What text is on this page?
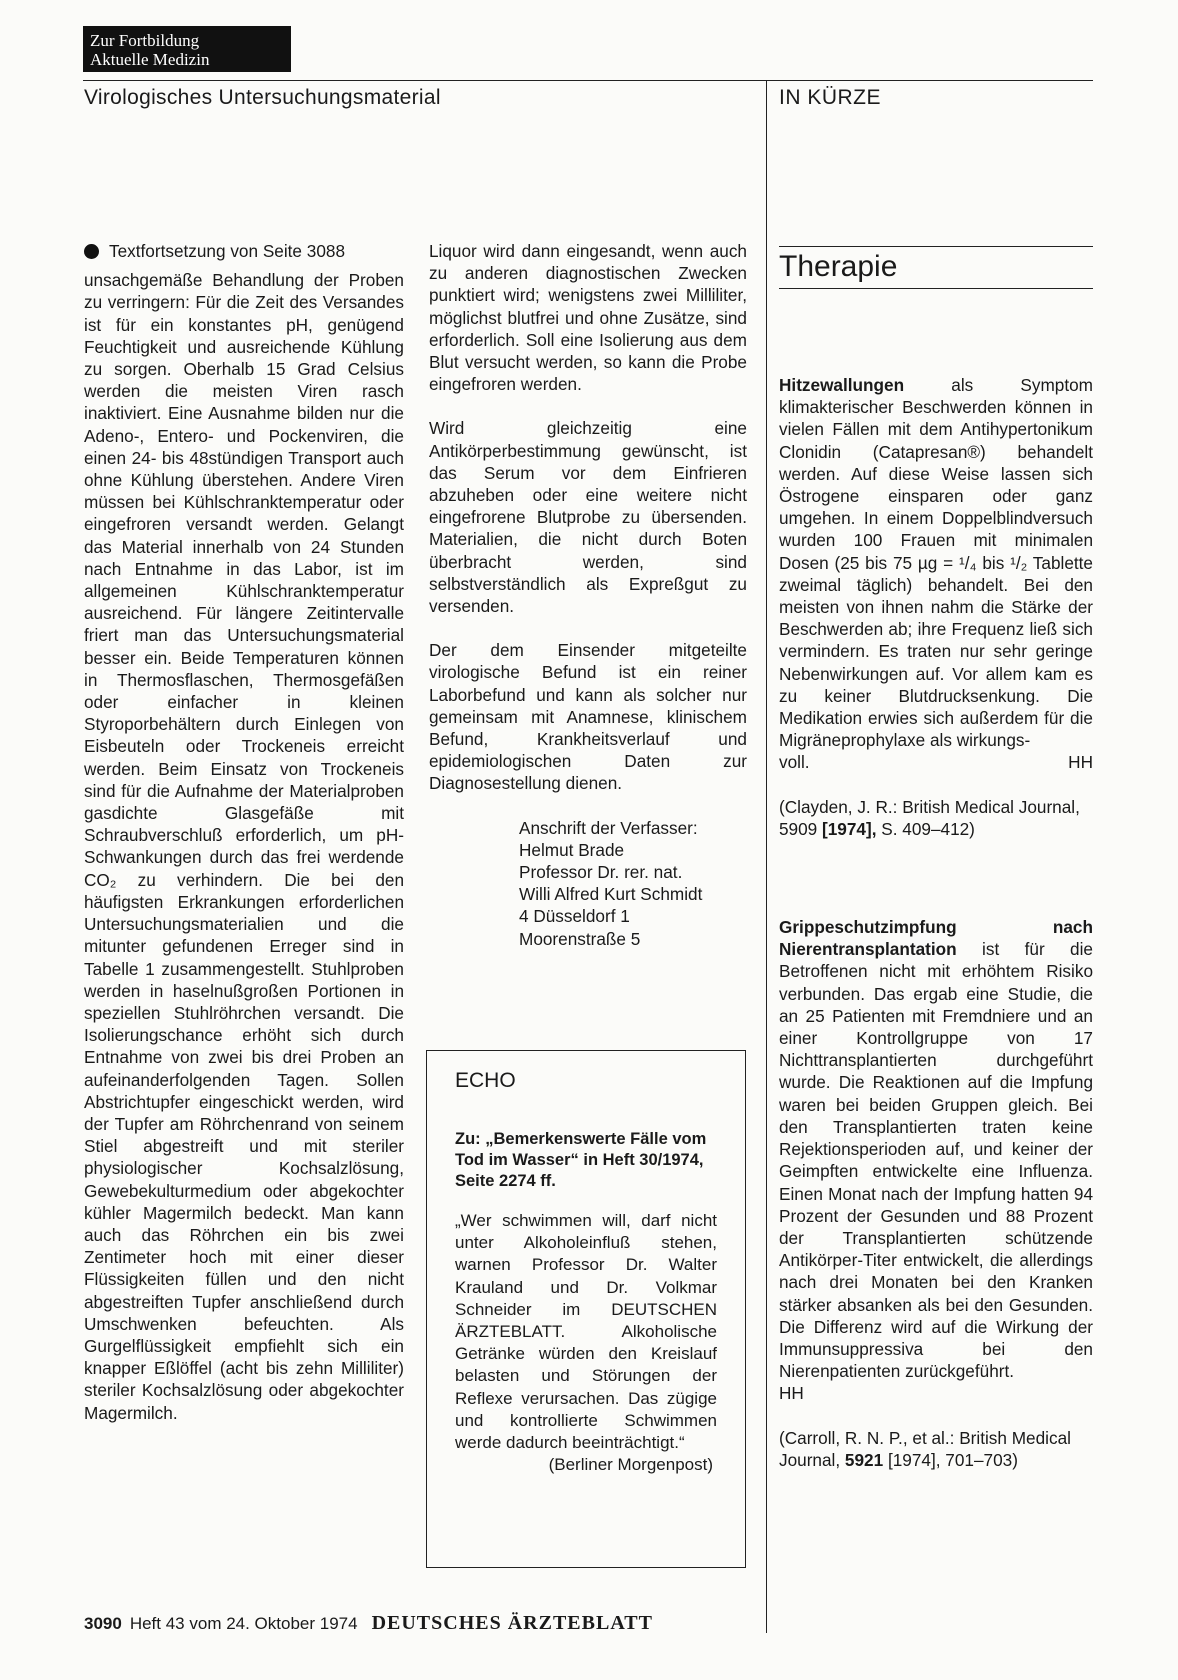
Zur Fortbildung
Aktuelle Medizin
Virologisches Untersuchungsmaterial	IN KÜRZE

Textfortsetzung von Seite 3088

unsachgemäße Behandlung der Proben zu verringern: Für die Zeit des Versandes ist für ein konstantes pH, genügend Feuchtigkeit und ausreichende Kühlung zu sorgen. Oberhalb 15 Grad Celsius werden die meisten Viren rasch inaktiviert. Eine Ausnahme bilden nur die Adeno-, Entero- und Pockenviren, die einen 24- bis 48stündigen Transport auch ohne Kühlung überstehen. Andere Viren müssen bei Kühlschranktemperatur oder eingefroren versandt werden. Gelangt das Material innerhalb von 24 Stunden nach Entnahme in das Labor, ist im allgemeinen Kühlschranktemperatur ausreichend. Für längere Zeitintervalle friert man das Untersuchungsmaterial besser ein. Beide Temperaturen können in Thermosflaschen, Thermosgefäßen oder einfacher in kleinen Styroporbehältern durch Einlegen von Eisbeuteln oder Trockeneis erreicht werden. Beim Einsatz von Trockeneis sind für die Aufnahme der Materialproben gasdichte Glasgefäße mit Schraubverschluß erforderlich, um pH-Schwankungen durch das frei werdende CO₂ zu verhindern. Die bei den häufigsten Erkrankungen erforderlichen Untersuchungsmaterialien und die mitunter gefundenen Erreger sind in Tabelle 1 zusammengestellt. Stuhlproben werden in haselnußgroßen Portionen in speziellen Stuhlröhrchen versandt. Die Isolierungschance erhöht sich durch Entnahme von zwei bis drei Proben an aufeinanderfolgenden Tagen. Sollen Abstrichtupfer eingeschickt werden, wird der Tupfer am Röhrchenrand von seinem Stiel abgestreift und mit steriler physiologischer Kochsalzlösung, Gewebekulturmedium oder abgekochter kühler Magermilch bedeckt. Man kann auch das Röhrchen ein bis zwei Zentimeter hoch mit einer dieser Flüssigkeiten füllen und den nicht abgestreiften Tupfer anschließend durch Umschwenken befeuchten. Als Gurgelflüssigkeit empfiehlt sich ein knapper Eßlöffel (acht bis zehn Milliliter) steriler Kochsalzlösung oder abgekochter Magermilch.

Liquor wird dann eingesandt, wenn auch zu anderen diagnostischen Zwecken punktiert wird; wenigstens zwei Milliliter, möglichst blutfrei und ohne Zusätze, sind erforderlich. Soll eine Isolierung aus dem Blut versucht werden, so kann die Probe eingefroren werden.

Wird gleichzeitig eine Antikörperbestimmung gewünscht, ist das Serum vor dem Einfrieren abzuheben oder eine weitere nicht eingefrorene Blutprobe zu übersenden. Materialien, die nicht durch Boten überbracht werden, sind selbstverständlich als Expreßgut zu versenden.

Der dem Einsender mitgeteilte virologische Befund ist ein reiner Laborbefund und kann als solcher nur gemeinsam mit Anamnese, klinischem Befund, Krankheitsverlauf und epidemiologischen Daten zur Diagnosestellung dienen.

Anschrift der Verfasser:
Helmut Brade
Professor Dr. rer. nat.
Willi Alfred Kurt Schmidt
4 Düsseldorf 1
Moorenstraße 5

ECHO

Zu: „Bemerkenswerte Fälle vom Tod im Wasser“ in Heft 30/1974, Seite 2274 ff.

„Wer schwimmen will, darf nicht unter Alkoholeinfluß stehen, warnen Professor Dr. Walter Krauland und Dr. Volkmar Schneider im DEUTSCHEN ÄRZTEBLATT. Alkoholische Getränke würden den Kreislauf belasten und Störungen der Reflexe verursachen. Das zügige und kontrollierte Schwimmen werde dadurch beeinträchtigt.“

(Berliner Morgenpost)

Therapie

Hitzewallungen als Symptom klimakterischer Beschwerden können in vielen Fällen mit dem Antihypertonikum Clonidin (Catapresan®) behandelt werden. Auf diese Weise lassen sich Östrogene einsparen oder ganz umgehen. In einem Doppelblindversuch wurden 100 Frauen mit minimalen Dosen (25 bis 75 µg = ¹/₄ bis ¹/₂ Tablette zweimal täglich) behandelt. Bei den meisten von ihnen nahm die Stärke der Beschwerden ab; ihre Frequenz ließ sich vermindern. Es traten nur sehr geringe Nebenwirkungen auf. Vor allem kam es zu keiner Blutdrucksenkung. Die Medikation erwies sich außerdem für die Migräneprophylaxe als wirkungs-

voll.	HH

(Clayden, J. R.: British Medical Journal, 5909 [1974], S. 409–412)

Grippeschutzimpfung nach Nierentransplantation ist für die Betroffenen nicht mit erhöhtem Risiko verbunden. Das ergab eine Studie, die an 25 Patienten mit Fremdniere und an einer Kontrollgruppe von 17 Nichttransplantierten durchgeführt wurde. Die Reaktionen auf die Impfung waren bei beiden Gruppen gleich. Bei den Transplantierten traten keine Rejektionsperioden auf, und keiner der Geimpften entwickelte eine Influenza. Einen Monat nach der Impfung hatten 94 Prozent der Gesunden und 88 Prozent der Transplantierten schützende Antikörper-Titer entwickelt, die allerdings nach drei Monaten bei den Kranken stärker absanken als bei den Gesunden. Die Differenz wird auf die Wirkung der Immunsuppressiva bei den Nierenpatienten zurückgeführt.

HH

(Carroll, R. N. P., et al.: British Medical Journal, 5921 [1974], 701–703)

3090 Heft 43 vom 24. Oktober 1974 DEUTSCHES ÄRZTEBLATT
